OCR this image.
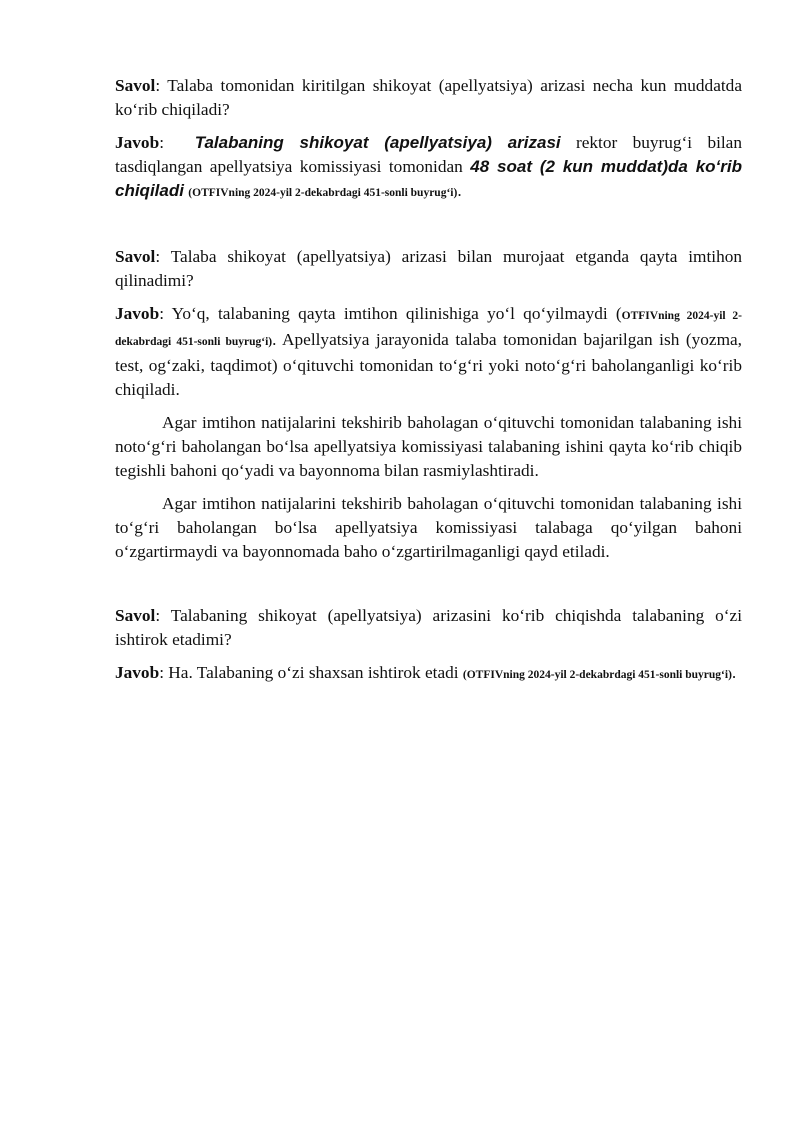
Savol: Talaba tomonidan kiritilgan shikoyat (apellyatsiya) arizasi necha kun muddatda koʻrib chiqiladi?

Javob:  Talabaning shikoyat (apellyatsiya) arizasi rektor buyrugʻi bilan tasdiqlangan apellyatsiya komissiyasi tomonidan 48 soat (2 kun muddat)da koʻrib chiqiladi (OTFIVning 2024-yil 2-dekabrdagi 451-sonli buyrugʻi).

Savol: Talaba shikoyat (apellyatsiya) arizasi bilan murojaat etganda qayta imtihon qilinadimi?

Javob: Yoʻq, talabaning qayta imtihon qilinishiga yoʻl qoʻyilmaydi (OTFIVning 2024-yil 2-dekabrdagi 451-sonli buyrugʻi). Apellyatsiya jarayonida talaba tomonidan bajarilgan ish (yozma, test, ogʻzaki, taqdimot) oʻqituvchi tomonidan toʻgʻri yoki notoʻgʻri baholanganligi koʻrib chiqiladi.

Agar imtihon natijalarini tekshirib baholagan oʻqituvchi tomonidan talabaning ishi notoʻgʻri baholangan boʻlsa apellyatsiya komissiyasi talabaning ishini qayta koʻrib chiqib tegishli bahoni qoʻyadi va bayonnoma bilan rasmiylashtiradi.

Agar imtihon natijalarini tekshirib baholagan oʻqituvchi tomonidan talabaning ishi toʻgʻri baholangan boʻlsa apellyatsiya komissiyasi talabaga qoʻyilgan bahoni oʻzgartirmaydi va bayonnomada baho oʻzgartirilmaganligi qayd etiladi.

Savol: Talabaning shikoyat (apellyatsiya) arizasini koʻrib chiqishda talabaning oʻzi ishtirok etadimi?

Javob: Ha. Talabaning oʻzi shaxsan ishtirok etadi (OTFIVning 2024-yil 2-dekabrdagi 451-sonli buyrugʻi).
